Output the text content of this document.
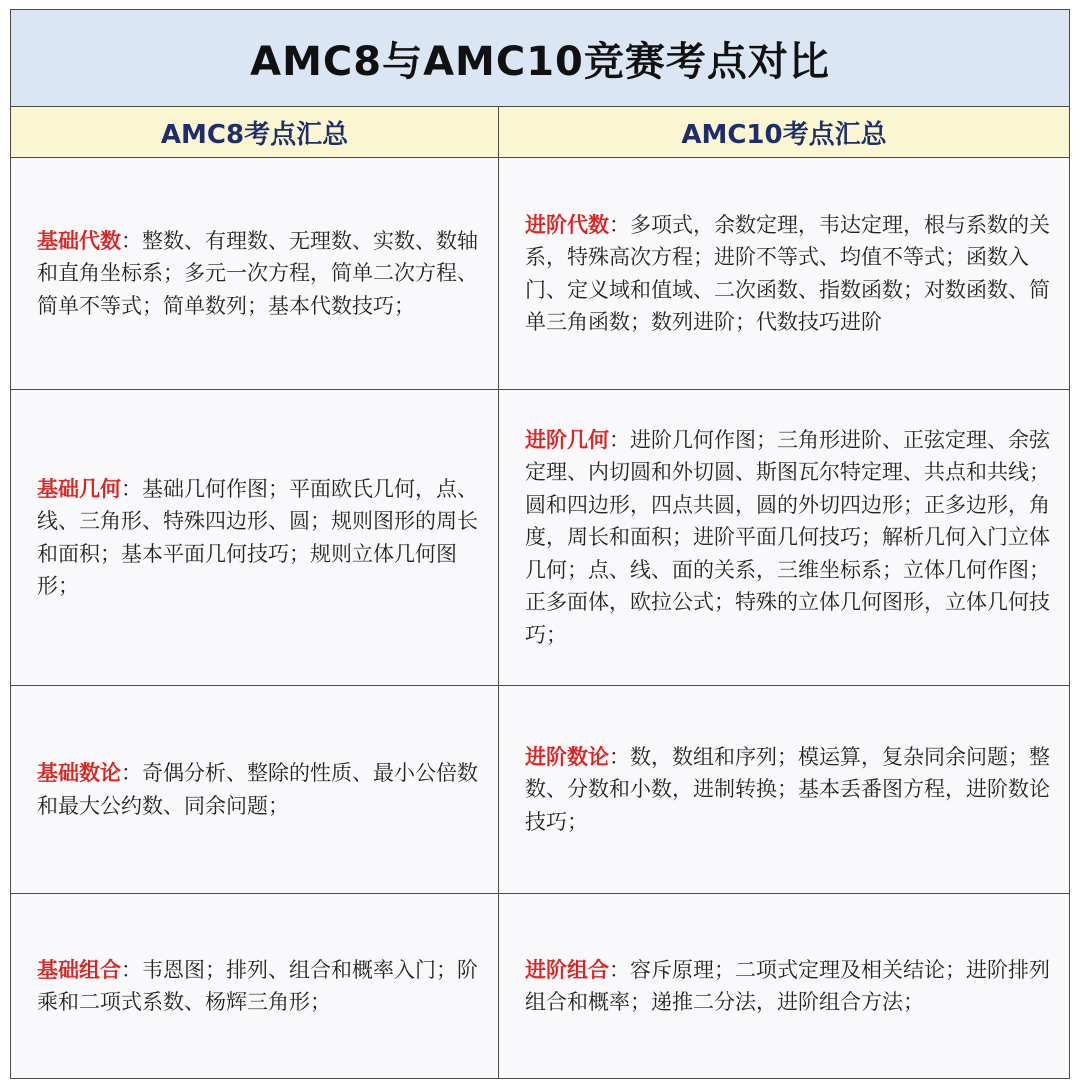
AMC8与AMC10竞赛考点对比
AMC8考点汇总	AMC10考点汇总
基础代数：整数、有理数、无理数、实数、数轴和直角坐标系；多元一次方程，简单二次方程、简单不等式；简单数列；基本代数技巧；
进阶代数：多项式，余数定理，韦达定理，根与系数的关系，特殊高次方程；进阶不等式、均值不等式；函数入门、定义域和值域、二次函数、指数函数；对数函数、简单三角函数；数列进阶；代数技巧进阶
基础几何：基础几何作图；平面欧氏几何，点、线、三角形、特殊四边形、圆；规则图形的周长和面积；基本平面几何技巧；规则立体几何图形；
进阶几何：进阶几何作图；三角形进阶、正弦定理、余弦定理、内切圆和外切圆、斯图瓦尔特定理、共点和共线；圆和四边形，四点共圆，圆的外切四边形；正多边形，角度，周长和面积；进阶平面几何技巧；解析几何入门立体几何；点、线、面的关系，三维坐标系；立体几何作图；正多面体，欧拉公式；特殊的立体几何图形，立体几何技巧；
基础数论：奇偶分析、整除的性质、最小公倍数和最大公约数、同余问题；
进阶数论：数，数组和序列；模运算，复杂同余问题；整数、分数和小数，进制转换；基本丢番图方程，进阶数论技巧；
基础组合：韦恩图；排列、组合和概率入门；阶乘和二项式系数、杨辉三角形；
进阶组合：容斥原理；二项式定理及相关结论；进阶排列组合和概率；递推二分法，进阶组合方法；
